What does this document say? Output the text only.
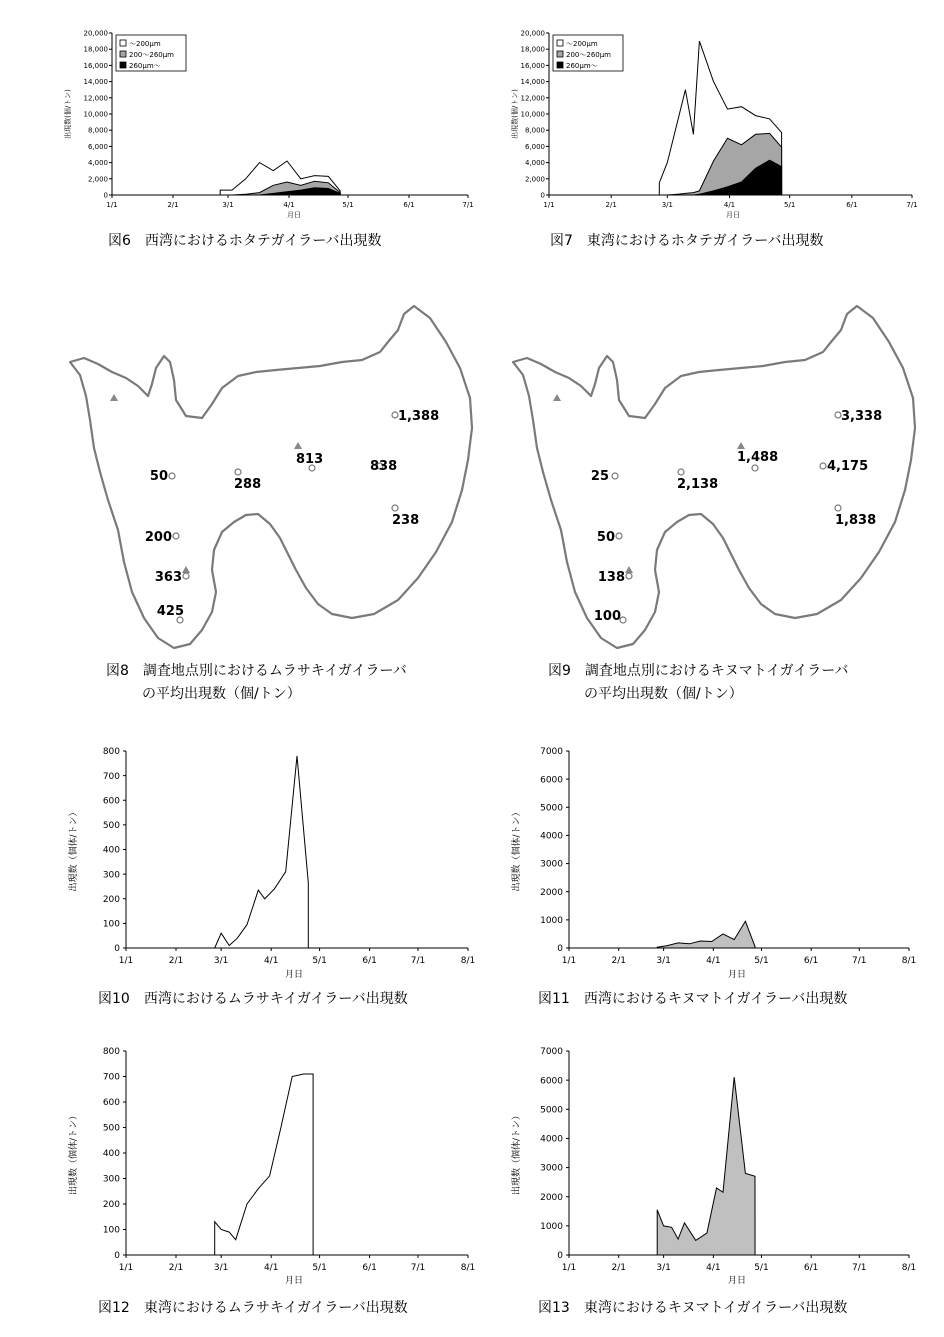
0
2,000
4,000
6,000
8,000
10,000
12,000
14,000
16,000
18,000
20,000
1/1	2/1	3/1	4/1	5/1	6/1	7/1
月日
出現数(個/トン)
～200μm
200～260μm
260μm～
図6　西湾におけるホタテガイラーバ出現数
0
2,000
4,000
6,000
8,000
10,000
12,000
14,000
16,000
18,000
20,000
1/1	2/1	3/1	4/1	5/1	6/1	7/1
月日
出現数(個/トン)
～200μm
200～260μm
260μm～
図7　東湾におけるホタテガイラーバ出現数
1,388
813	838
288
238
50
200
363
425
図8　調査地点別におけるムラサキイガイラーバ
の平均出現数（個/トン）
3,338
1,488
4,175
2,138
1,838
25
50
138
100
図9　調査地点別におけるキヌマトイガイラーバ
の平均出現数（個/トン）
0
100
200
300
400
500
600
700
800
1/1	2/1	3/1	4/1	5/1	6/1	7/1	8/1
月日
出現数（個体/トン）
図10　西湾におけるムラサキイガイラーバ出現数
0
1000
2000
3000
4000
5000
6000
7000
1/1	2/1	3/1	4/1	5/1	6/1	7/1	8/1
月日
出現数（個体/トン）
図11　西湾におけるキヌマトイガイラーバ出現数
0
100
200
300
400
500
600
700
800
1/1	2/1	3/1	4/1	5/1	6/1	7/1	8/1
月日
出現数（個体/トン）
図12　東湾におけるムラサキイガイラーバ出現数
0
1000
2000
3000
4000
5000
6000
7000
1/1	2/1	3/1	4/1	5/1	6/1	7/1	8/1
月日
出現数（個体/トン）
図13　東湾におけるキヌマトイガイラーバ出現数
